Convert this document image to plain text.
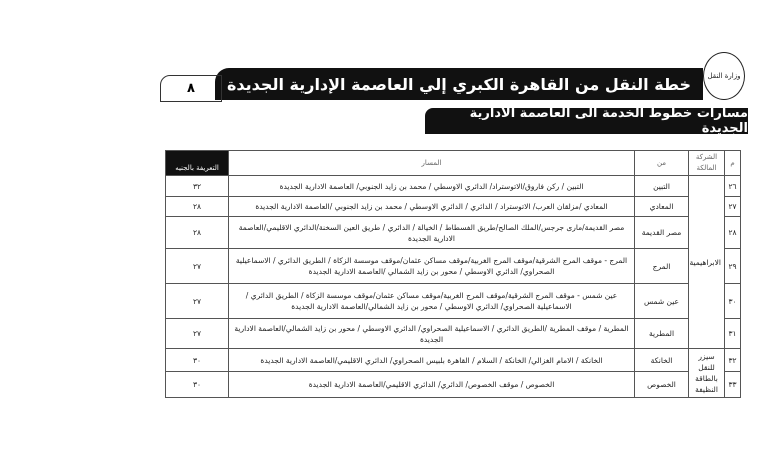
وزارة النقل
خطة النقل من القاهرة الكبري إلي العاصمة الإدارية الجديدة
٨
مسارات خطوط الخدمة الى العاصمة الادارية الجديدة
م	الشركة المالكة	من	المسار	التعريفة بالجنيه
٢٦	الابراهيمية	التبين	التبين / ركن فاروق/الاتوستراد/ الدائري الاوسطي / محمد بن زايد الجنوبي/ العاصمة الادارية الجديدة	٣٢
٢٧		المعادي	المعادي /مزلقان العرب/ الاتوستراد / الدائري / الدائري الاوسطي / محمد بن زايد الجنوبي /العاصمة الادارية الجديدة	٢٨
٢٨		مصر القديمة	مصر القديمة/مارى جرجس/الملك الصالح/طريق الفسطاط / الخيالة / الدائري / طريق العين السخنة/الدائري الاقليمي/العاصمة الادارية الجديدة	٢٨
٢٩		المرج	المرج - موقف المرج الشرقية/موقف المرج الغربية/موقف مساكن عثمان/موقف موسسة الزكاة / الطريق الدائري / الاسماعيلية الصحراوي/ الدائري الاوسطي / محور بن زايد الشمالي /العاصمة الادارية الجديدة	٢٧
٣٠		عين شمس	عين شمس - موقف المرج الشرقية/موقف المرج الغربية/موقف مساكن عثمان/موقف موسسة الزكاة / الطريق الدائري /الاسماعيلية الصحراوي/ الدائري الاوسطي / محور بن زايد الشمالي/العاصمة الادارية الجديدة	٢٧
٣١		المطرية	المطرية / موقف المطرية /الطريق الدائري / الاسماعيلية الصحراوي/ الدائري الاوسطي / محور بن زايد الشمالي/العاصمة الادارية الجديدة	٢٧
٣٢	سيزر للنقل بالطاقة النظيفة	الخانكة	الخانكة / الامام الغزالي/ الخانكة / السلام / القاهرة بلبيس الصحراوي/ الدائري الاقليمي/العاصمة الادارية الجديدة	٣٠
٣٣		الخصوص	الخصوص / موقف الخصوص/ الدائري/ الدائري الاقليمي/العاصمة الادارية الجديدة	٣٠
